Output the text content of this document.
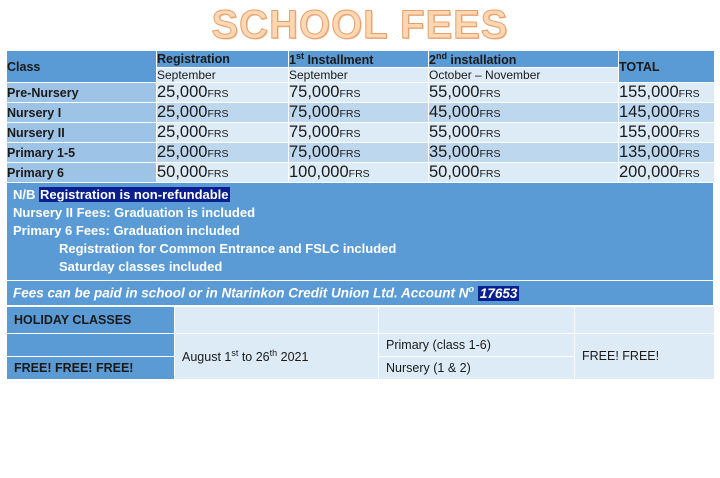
SCHOOL FEES
Class	Registration	1st Installment	2nd installation	TOTAL
	September	September	October – November	
Pre-Nursery	25,000FRS	75,000FRS	55,000FRS	155,000FRS
Nursery I	25,000FRS	75,000FRS	45,000FRS	145,000FRS
Nursery II	25,000FRS	75,000FRS	55,000FRS	155,000FRS
Primary 1-5	25,000FRS	75,000FRS	35,000FRS	135,000FRS
Primary 6	50,000FRS	100,000FRS	50,000FRS	200,000FRS
N/B Registration is non-refundable
Nursery II Fees: Graduation is included
Primary 6 Fees: Graduation included
Registration for Common Entrance and FSLC included
Saturday classes included
Fees can be paid in school or in Ntarinkon Credit Union Ltd. Account $N^o$ 17653
HOLIDAY CLASSES			
	August 1st to 26th 2021	Primary (class 1-6)	FREE! FREE!
FREE! FREE! FREE!		Nursery (1 & 2)	
